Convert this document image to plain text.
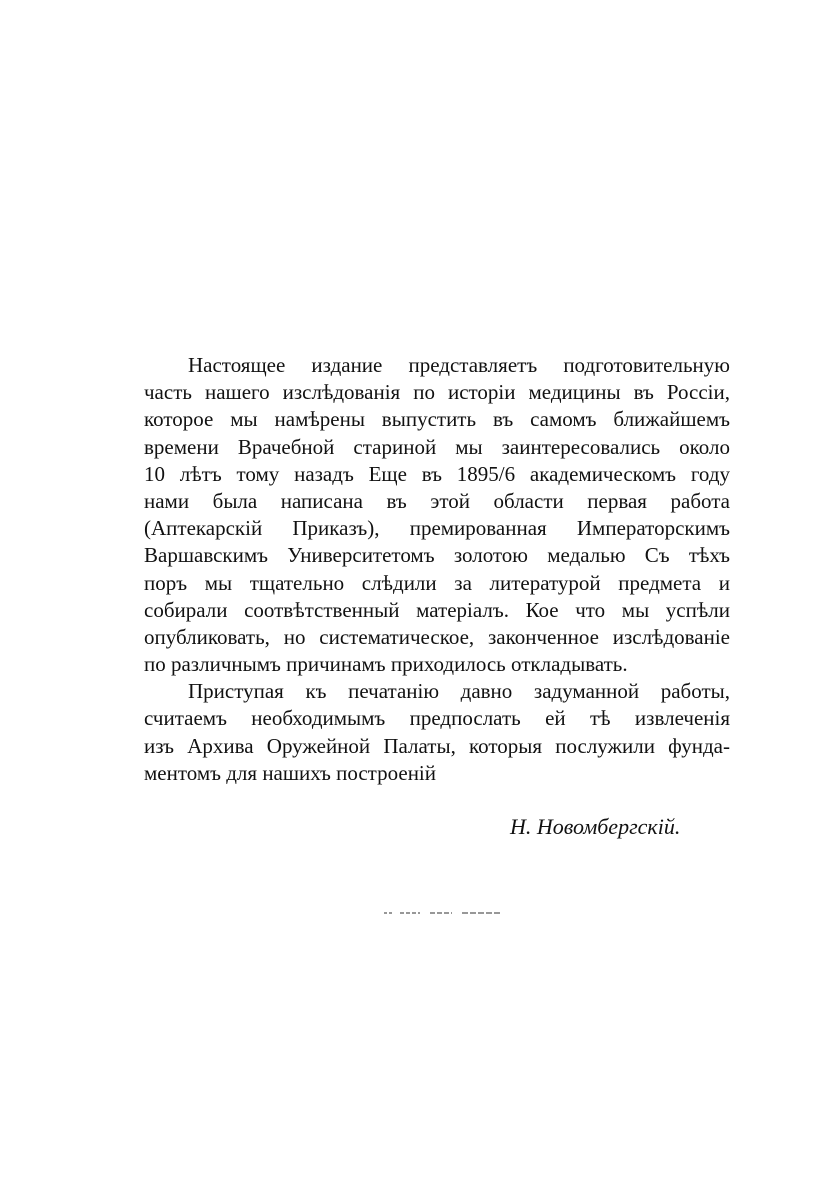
Настоящее издание представляетъ подготовительную
часть нашего изслѣдованія по исторіи медицины въ Россіи,
которое мы намѣрены выпустить въ самомъ ближайшемъ
времени Врачебной стариной мы заинтересовались около
10 лѣтъ тому назадъ Еще въ 1895/6 академическомъ году
нами была написана въ этой области первая работа
(Аптекарскій Приказъ), премированная Императорскимъ
Варшавскимъ Университетомъ золотою медалью Съ тѣхъ
поръ мы тщательно слѣдили за литературой предмета и
собирали соотвѣтственный матеріалъ. Кое что мы успѣли
опубликовать, но систематическое, законченное изслѣдованіе
по различнымъ причинамъ приходилось откладывать.

Приступая къ печатанію давно задуманной работы,
считаемъ необходимымъ предпослать ей тѣ извлеченія
изъ Архива Оружейной Палаты, которыя послужили фунда-
ментомъ для нашихъ построеній

Н. Новомбергскій.
